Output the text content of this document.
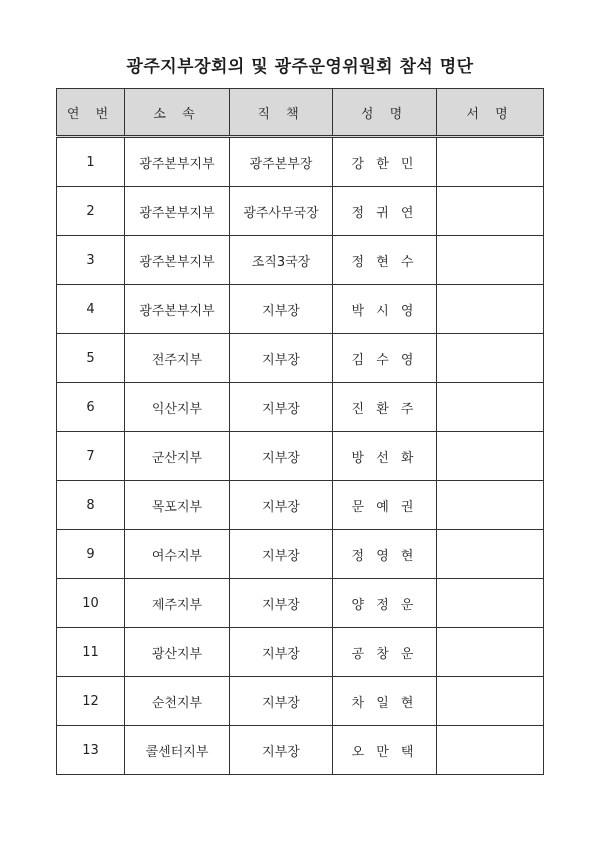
광주지부장회의 및 광주운영위원회 참석 명단
연 번	소 속	직 책	성 명	서 명
1	광주본부지부	광주본부장	강 한 민	
2	광주본부지부	광주사무국장	정 귀 연	
3	광주본부지부	조직3국장	정 현 수	
4	광주본부지부	지부장	박 시 영	
5	전주지부	지부장	김 수 영	
6	익산지부	지부장	진 환 주	
7	군산지부	지부장	방 선 화	
8	목포지부	지부장	문 예 권	
9	여수지부	지부장	정 영 현	
10	제주지부	지부장	양 정 운	
11	광산지부	지부장	공 창 운	
12	순천지부	지부장	차 일 현	
13	콜센터지부	지부장	오 만 택	
